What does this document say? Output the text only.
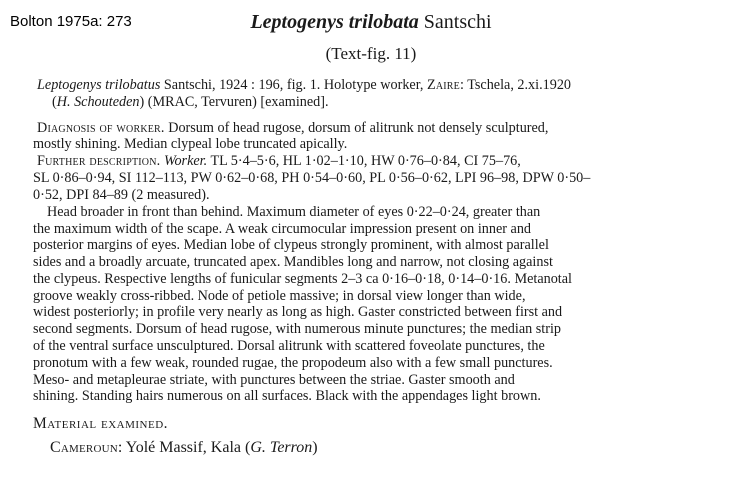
Bolton 1975a: 273	Leptogenys trilobata Santschi
(Text-fig. 11)
Leptogenys trilobatus Santschi, 1924 : 196, fig. 1. Holotype worker, Zaire: Tschela, 2.xi.1920
(H. Schouteden) (MRAC, Tervuren) [examined].
Diagnosis of worker. Dorsum of head rugose, dorsum of alitrunk not densely sculptured,
mostly shining. Median clypeal lobe truncated apically.
Further description. Worker. TL 5·4–5·6, HL 1·02–1·10, HW 0·76–0·84, CI 75–76,
SL 0·86–0·94, SI 112–113, PW 0·62–0·68, PH 0·54–0·60, PL 0·56–0·62, LPI 96–98, DPW 0·50–
0·52, DPI 84–89 (2 measured).
Head broader in front than behind. Maximum diameter of eyes 0·22–0·24, greater than
the maximum width of the scape. A weak circumocular impression present on inner and
posterior margins of eyes. Median lobe of clypeus strongly prominent, with almost parallel
sides and a broadly arcuate, truncated apex. Mandibles long and narrow, not closing against
the clypeus. Respective lengths of funicular segments 2–3 ca 0·16–0·18, 0·14–0·16. Metanotal
groove weakly cross-ribbed. Node of petiole massive; in dorsal view longer than wide,
widest posteriorly; in profile very nearly as long as high. Gaster constricted between first and
second segments. Dorsum of head rugose, with numerous minute punctures; the median strip
of the ventral surface unsculptured. Dorsal alitrunk with scattered foveolate punctures, the
pronotum with a few weak, rounded rugae, the propodeum also with a few small punctures.
Meso- and metapleurae striate, with punctures between the striae. Gaster smooth and
shining. Standing hairs numerous on all surfaces. Black with the appendages light brown.
Material examined.
Cameroun: Yolé Massif, Kala (G. Terron)
